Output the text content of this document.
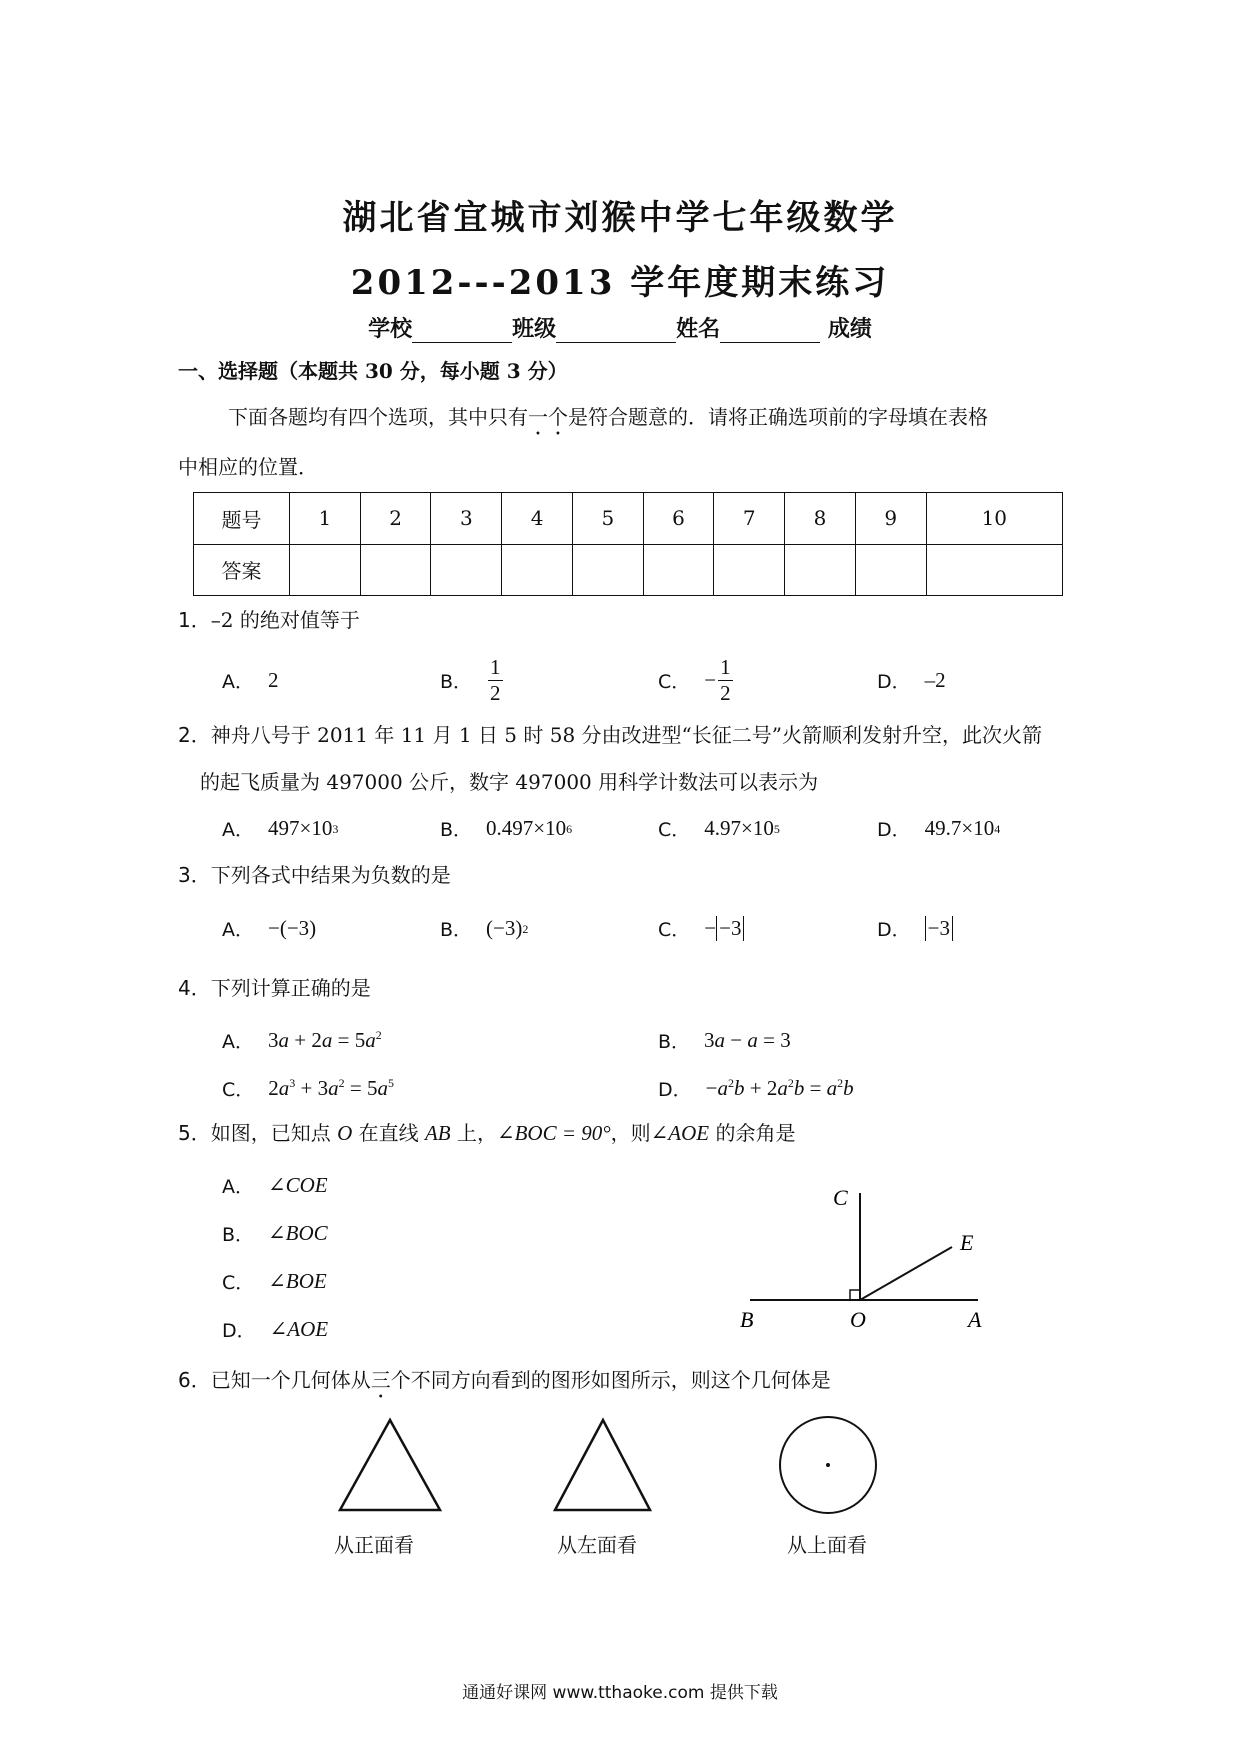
湖北省宜城市刘猴中学七年级数学
2012---2013 学年度期末练习
学校	班级	姓名	成绩
一、选择题（本题共 30 分，每小题 3 分）
下面各题均有四个选项，其中只有一个是符合题意的．请将正确选项前的字母填在表格
中相应的位置．
题号	1	2	3	4	5	6	7	8	9	10
答案										
1．–2 的绝对值等于
A． 2	B． $\frac{1}{2}$	C． − $\frac{1}{2}$	D． –2
2．神舟八号于 2011 年 11 月 1 日 5 时 58 分由改进型“长征二号”火箭顺利发射升空，此次火箭
的起飞质量为 497000 公斤，数字 497000 用科学计数法可以表示为
A． 497×10 3	B． 0.497×10 6	C． 4.97×10 5	D． 49.7×10 4
3．下列各式中结果为负数的是
A． −(−3)	B． (−3) 2	C． − −3	D． −3
4．下列计算正确的是
A． $3a + 2a = 5a^2$	B． 3a − a = 3
C． $2a^3 + 3a^2 = 5a^5$	D． $-a^2b + 2a^2b = a^2b$
5．如图，已知点 O 在直线 AB 上，∠BOC = 90°，则∠AOE 的余角是
A． ∠COE
B． ∠BOC
C． ∠BOE
D． ∠AOE
C
E
B	O	A
6．已知一个几何体从三个不同方向看到的图形如图所示，则这个几何体是
从正面看	从左面看	从上面看
通通好课网 www.tthaoke.com 提供下载
